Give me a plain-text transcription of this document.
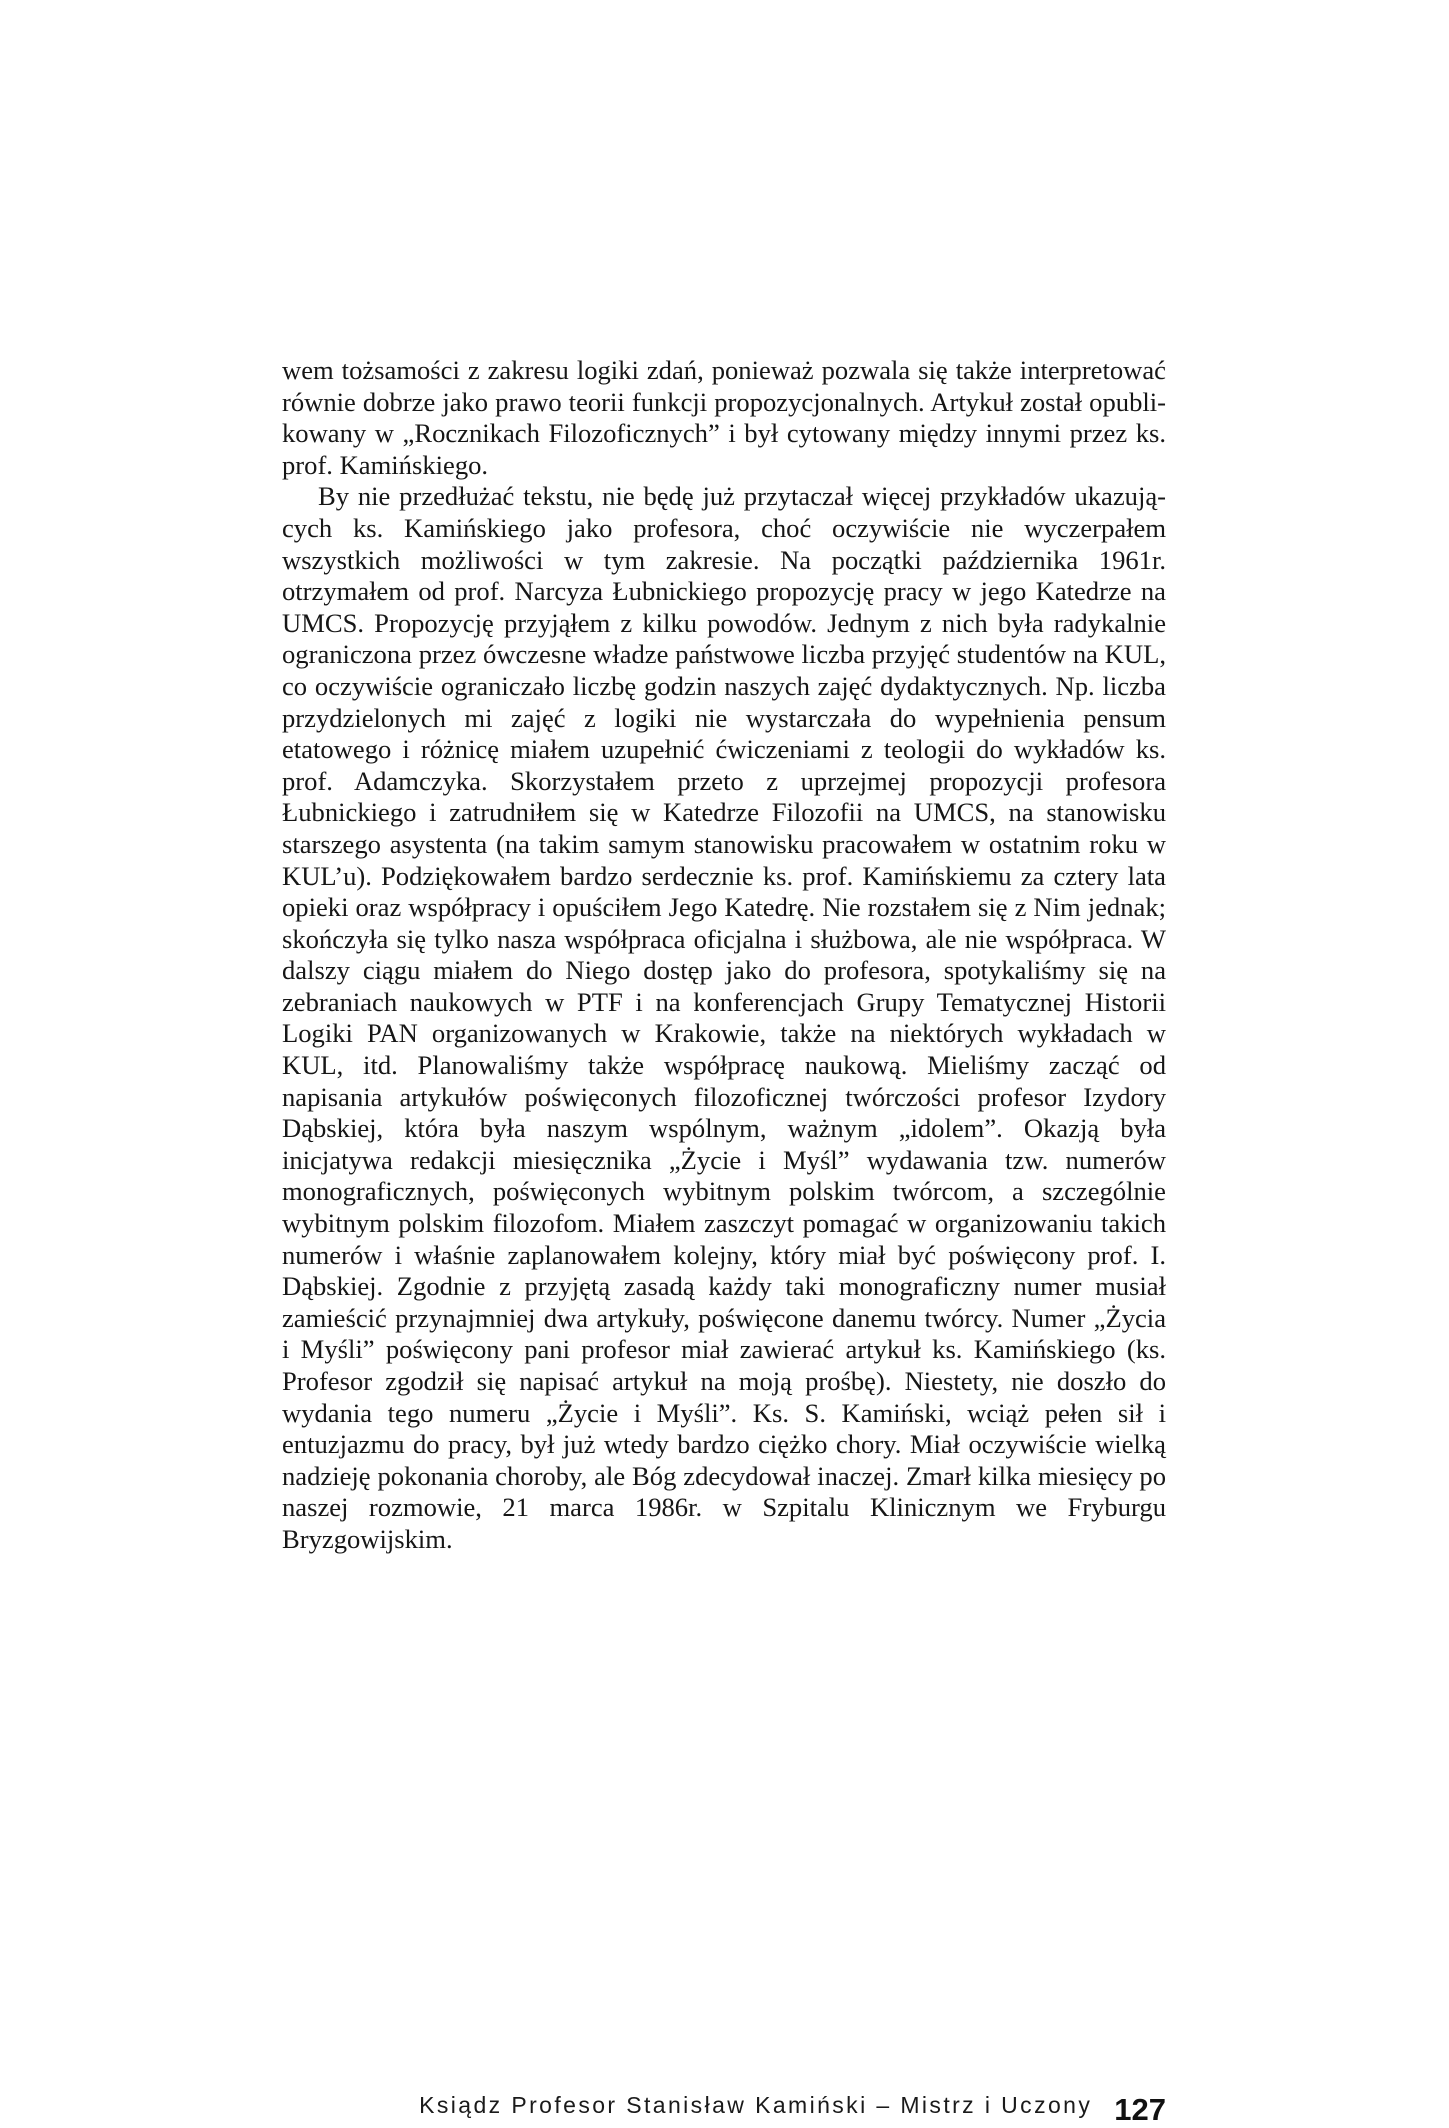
wem tożsamości z zakresu logiki zdań, ponieważ pozwala się także interpretować równie dobrze jako prawo teorii funkcji propozycjonalnych. Artykuł został opublikowany w „Rocznikach Filozoficznych” i był cytowany między innymi przez ks. prof. Kamińskiego.

By nie przedłużać tekstu, nie będę już przytaczał więcej przykładów ukazujących ks. Kamińskiego jako profesora, choć oczywiście nie wyczerpałem wszystkich możliwości w tym zakresie. Na początki października 1961r. otrzymałem od prof. Narcyza Łubnickiego propozycję pracy w jego Katedrze na UMCS. Propozycję przyjąłem z kilku powodów. Jednym z nich była radykalnie ograniczona przez ówczesne władze państwowe liczba przyjęć studentów na KUL, co oczywiście ograniczało liczbę godzin naszych zajęć dydaktycznych. Np. liczba przydzielonych mi zajęć z logiki nie wystarczała do wypełnienia pensum etatowego i różnicę miałem uzupełnić ćwiczeniami z teologii do wykładów ks. prof. Adamczyka. Skorzystałem przeto z uprzejmej propozycji profesora Łubnickiego i zatrudniłem się w Katedrze Filozofii na UMCS, na stanowisku starszego asystenta (na takim samym stanowisku pracowałem w ostatnim roku w KUL’u). Podziękowałem bardzo serdecznie ks. prof. Kamińskiemu za cztery lata opieki oraz współpracy i opuściłem Jego Katedrę. Nie rozstałem się z Nim jednak; skończyła się tylko nasza współpraca oficjalna i służbowa, ale nie współpraca. W dalszy ciągu miałem do Niego dostęp jako do profesora, spotykaliśmy się na zebraniach naukowych w PTF i na konferencjach Grupy Tematycznej Historii Logiki PAN organizowanych w Krakowie, także na niektórych wykładach w KUL, itd. Planowaliśmy także współpracę naukową. Mieliśmy zacząć od napisania artykułów poświęconych filozoficznej twórczości profesor Izydory Dąbskiej, która była naszym wspólnym, ważnym „idolem”. Okazją była inicjatywa redakcji miesięcznika „Życie i Myśl” wydawania tzw. numerów monograficznych, poświęconych wybitnym polskim twórcom, a szczególnie wybitnym polskim filozofom. Miałem zaszczyt pomagać w organizowaniu takich numerów i właśnie zaplanowałem kolejny, który miał być poświęcony prof. I. Dąbskiej. Zgodnie z przyjętą zasadą każdy taki monograficzny numer musiał zamieścić przynajmniej dwa artykuły, poświęcone danemu twórcy. Numer „Życia i Myśli” poświęcony pani profesor miał zawierać artykuł ks. Kamińskiego (ks. Profesor zgodził się napisać artykuł na moją prośbę). Niestety, nie doszło do wydania tego numeru „Życie i Myśli”. Ks. S. Kamiński, wciąż pełen sił i entuzjazmu do pracy, był już wtedy bardzo ciężko chory. Miał oczywiście wielką nadzieję pokonania choroby, ale Bóg zdecydował inaczej. Zmarł kilka miesięcy po naszej rozmowie, 21 marca 1986r. w Szpitalu Klinicznym we Fryburgu Bryzgowijskim.

Ksiądz Profesor Stanisław Kamiński – Mistrz i Uczony 127
